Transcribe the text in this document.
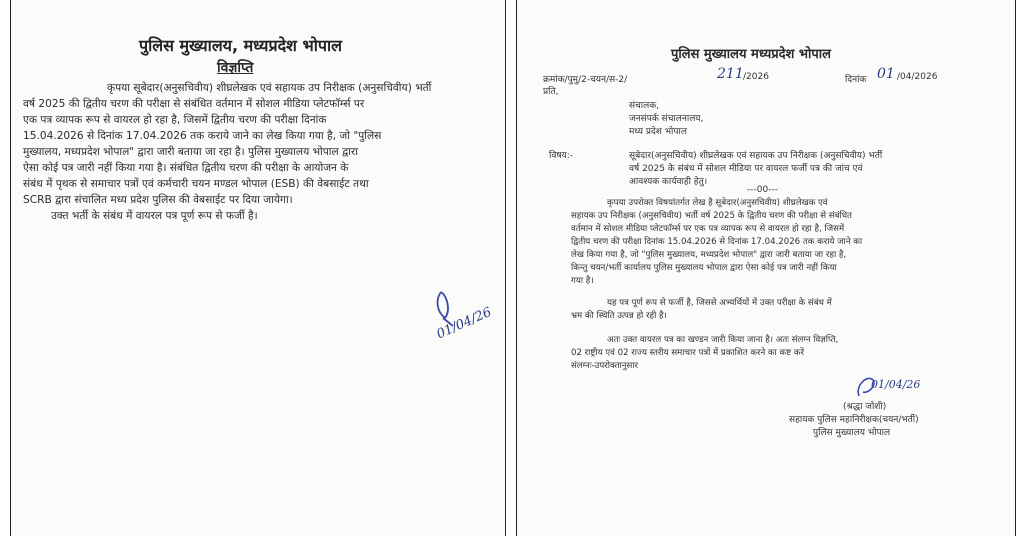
पुलिस मुख्यालय, मध्यप्रदेश भोपाल
विज्ञप्ति
कृपया सूबेदार(अनुसचिवीय) शीघ्रलेखक एवं सहायक उप निरीक्षक (अनुसचिवीय) भर्ती
वर्ष 2025 की द्वितीय चरण की परीक्षा से संबंधित वर्तमान में सोशल मीडिया प्लेटफॉर्म्स पर
एक पत्र व्यापक रूप से वायरल हो रहा है, जिसमें द्वितीय चरण की परीक्षा दिनांक
15.04.2026 से दिनांक 17.04.2026 तक कराये जाने का लेख किया गया है, जो "पुलिस
मुख्यालय, मध्यप्रदेश भोपाल" द्वारा जारी बताया जा रहा है। पुलिस मुख्यालय भोपाल द्वारा
ऐसा कोई पत्र जारी नहीं किया गया है। संबंधित द्वितीय चरण की परीक्षा के आयोजन के
संबंध में पृथक से समाचार पत्रों एवं कर्मचारी चयन मण्डल भोपाल (ESB) की वेबसाईट तथा
SCRB द्वारा संचालित मध्य प्रदेश पुलिस की वेबसाईट पर दिया जायेगा।
उक्त भर्ती के संबंध में वायरल पत्र पूर्ण रूप से फर्जी है।
01/04/26
पुलिस मुख्यालय मध्यप्रदेश भोपाल
क्रमांक/पुमु/2-चयन/स-2/	211 /2026	दिनांक 01 /04/2026
प्रति,
संचालक,
जनसंपर्क संचालनालय,
मध्य प्रदेश भोपाल
विषय:-	सूबेदार(अनुसचिवीय) शीघ्रलेखक एवं सहायक उप निरीक्षक (अनुसचिवीय) भर्ती
वर्ष 2025 के संबंध में सोशल मीडिया पर वायरल फर्जी पत्र की जांच एवं
आवश्यक कार्यवाही हेतु।
---00---
कृपया उपरोक्त विषयांतर्गत लेख है सूबेदार(अनुसचिवीय) शीघ्रलेखक एवं
सहायक उप निरीक्षक (अनुसचिवीय) भर्ती वर्ष 2025 के द्वितीय चरण की परीक्षा से संबंधित
वर्तमान में सोशल मीडिया प्लेटफॉर्म्स पर एक पत्र व्यापक रूप से वायरल हो रहा है, जिसमें
द्वितीय चरण की परीक्षा दिनांक 15.04.2026 से दिनांक 17.04.2026 तक कराये जाने का
लेख किया गया है, जो "पुलिस मुख्यालय, मध्यप्रदेश भोपाल" द्वारा जारी बताया जा रहा है,
किन्तु चयन/भर्ती कार्यालय पुलिस मुख्यालय भोपाल द्वारा ऐसा कोई पत्र जारी नहीं किया
गया है।
यह पत्र पूर्ण रूप से फर्जी है, जिससे अभ्यर्थियों में उक्त परीक्षा के संबंध में
भ्रम की स्थिति उत्पन्न हो रही है।
अतः उक्त वायरल पत्र का खण्डन जारी किया जाना है। अतः संलग्न विज्ञप्ति,
02 राष्ट्रीय एवं 02 राज्य स्तरीय समाचार पत्रों में प्रकाशित करने का कष्ट करें
संलग्नः-उपरोक्तानुसार
01/04/26
(श्रद्धा जोशी)
सहायक पुलिस महानिरीक्षक(चयन/भर्ती)
पुलिस मुख्यालय भोपाल
